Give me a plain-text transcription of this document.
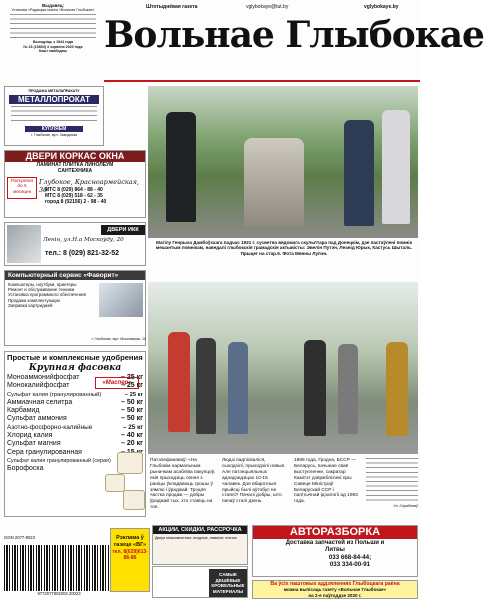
Выдавец:
Установа «Рэдакцыя газеты «Вольнае Глыбокае»
Выходзіць з 1944 года
№ 23 (10804) 4 чэрвеня 2020 года
Кошт свабодны
Штотыднёвая газета	vglybokaye@tut.by	vglybokaye.by
Вольнае Глыбокае
ПРОДАЖА МЕТАЛАПРАКАТУ
МЕТАЛЛОПРОКАТ
КУПЛЯЕМ
г. Глыбокае, вул. Заводская
ДВЕРИ КОРКАС ОКНА
ЛАМИНАТ ПЛИТКА ЛИНОЛЕУМ
САНТЕХНИКА
Рассрочка до 5 месяцев
Глубокое, Красноармейская, 36
МТС 8 (029) 864 - 88 - 40
МТС 8 (029) 518 - 62 - 35
город 8 (02156) 2 - 98 - 40
ДВЕРИ ИКК
Ленін, ул.Н.а Москоўду, 20
тел.: 8 (029) 821-32-52
Компьютерный сервис «Фаворит»
Компьютеры, ноутбуки, принтеры
Ремонт и обслуживание техники
Установка программного обеспечения
Продажа комплектующих
Заправка картриджей
г. Глыбокае, вул. Московская, 10
Простые и комплексные удобрения
Крупная фасовка
«Маспер»
Моноаммонийфосфат	– 25 кг
Монокалийфосфат	– 25 кг
Сульфат калия (гранулированный)	– 25 кг
Аммиачная селитра	– 50 кг
Карбамид	– 50 кг
Сульфат аммония	– 50 кг
Азотно-фосфорно-калийные	– 25 кг
Хлорид калия	– 40 кг
Сульфат магния	– 20 кг
Сера гранулированная
Сульфат калия гранулированный (серая)
Борофоска
ISSN 2077-8023
9772077802003 20023
Магілу Генрыха Дамбоўскага падчас 1931 г. сусветна вядомага скульптара пад Донецкім, дзе пастаўлені помнік мешантым помнікам, наведалі глыбокскія грамадскія актывісты: Эвелін Путэн, Леанід Юрык, Кастусь Шыталь. Прыцег на стар.5. Фота Мянны Лупэн.
Патэлефанаваў: «На Глыбокім нармальным рыначкам асабліва пакупцоў, якія прыходзіць сёння з раніцы ўкладваюць грошы ў зямлю і ўраджай. Трэцяя частка продаж — добры ўраджай тых, хто ставіць на тое.
Людзі падпісваліся, сыходзілі, прыходзілі новыя. Але патэнцыяльных аднадзедзіцах 10-15 чалавек. Дзе вбаротныя прыйсці былі аўтобус не стаялі? Пачалі добры, што пачаў сталі дзень.
1965 года, Гродна, БССР — Беларусь, пачынае сваё выступленне, сакратар Камітэт дзяржбяспекі пры Савеце Міністраў Беларускай ССР і палітычнай ідэалогіі ад 1993 года.
Ул. Сярабежэў
Рэклама ў газеце «ВГ»
тел. 8(029)613-86-86
АКЦИИ, СКИДКИ, РАССРОЧКА
Двери межкомнатные, входные, ламинат, плитка
САМЫЕ ДЕШЁВЫЕ КРОВЕЛЬНЫЕ МАТЕРИАЛЫ
АВТОРАЗБОРКА
Доставка запчастей из Польши и Литвы
033 668-84-44;
033 334-00-91
Ва ўсіх паштовых аддзяленнях Глыбоцкага раёна
можна выпісаць газету «Вольнае Глыбокае»
на 2-е паўгоддзе 2020 г.
